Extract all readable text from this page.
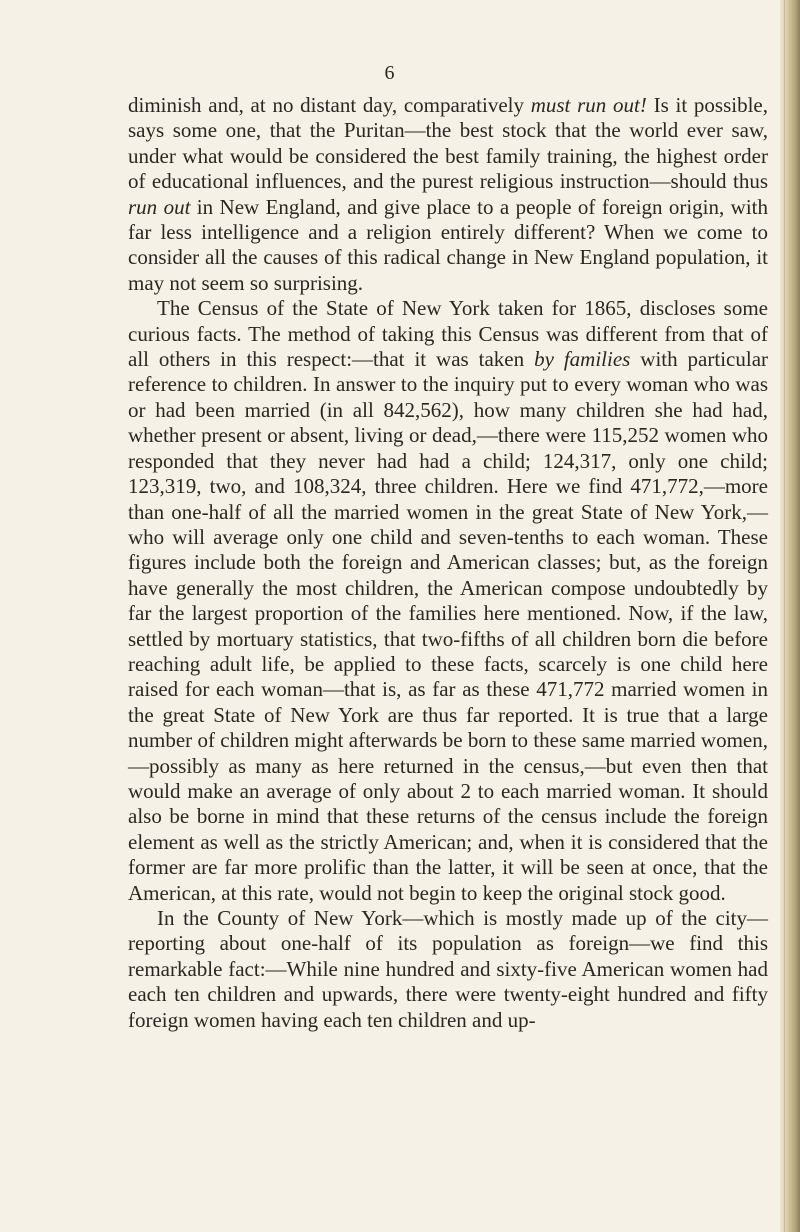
6

diminish and, at no distant day, comparatively must run out! Is it possible, says some one, that the Puritan—the best stock that the world ever saw, under what would be considered the best family training, the highest order of educational influences, and the purest religious instruction—should thus run out in New England, and give place to a people of foreign origin, with far less intelligence and a religion entirely different? When we come to consider all the causes of this radical change in New England population, it may not seem so surprising.

The Census of the State of New York taken for 1865, discloses some curious facts. The method of taking this Census was different from that of all others in this respect:—that it was taken by families with particular reference to children. In answer to the inquiry put to every woman who was or had been married (in all 842,562), how many children she had had, whether present or absent, living or dead,—there were 115,252 women who responded that they never had had a child; 124,317, only one child; 123,319, two, and 108,324, three children. Here we find 471,772,—more than one-half of all the married women in the great State of New York,—who will average only one child and seven-tenths to each woman. These figures include both the foreign and American classes; but, as the foreign have generally the most children, the American compose undoubtedly by far the largest proportion of the families here mentioned. Now, if the law, settled by mortuary statistics, that two-fifths of all children born die before reaching adult life, be applied to these facts, scarcely is one child here raised for each woman—that is, as far as these 471,772 married women in the great State of New York are thus far reported. It is true that a large number of children might afterwards be born to these same married women,—possibly as many as here returned in the census,—but even then that would make an average of only about 2 to each married woman. It should also be borne in mind that these returns of the census include the foreign element as well as the strictly American; and, when it is considered that the former are far more prolific than the latter, it will be seen at once, that the American, at this rate, would not begin to keep the original stock good.

In the County of New York—which is mostly made up of the city—reporting about one-half of its population as foreign—we find this remarkable fact:—While nine hundred and sixty-five American women had each ten children and upwards, there were twenty-eight hundred and fifty foreign women having each ten children and up-
